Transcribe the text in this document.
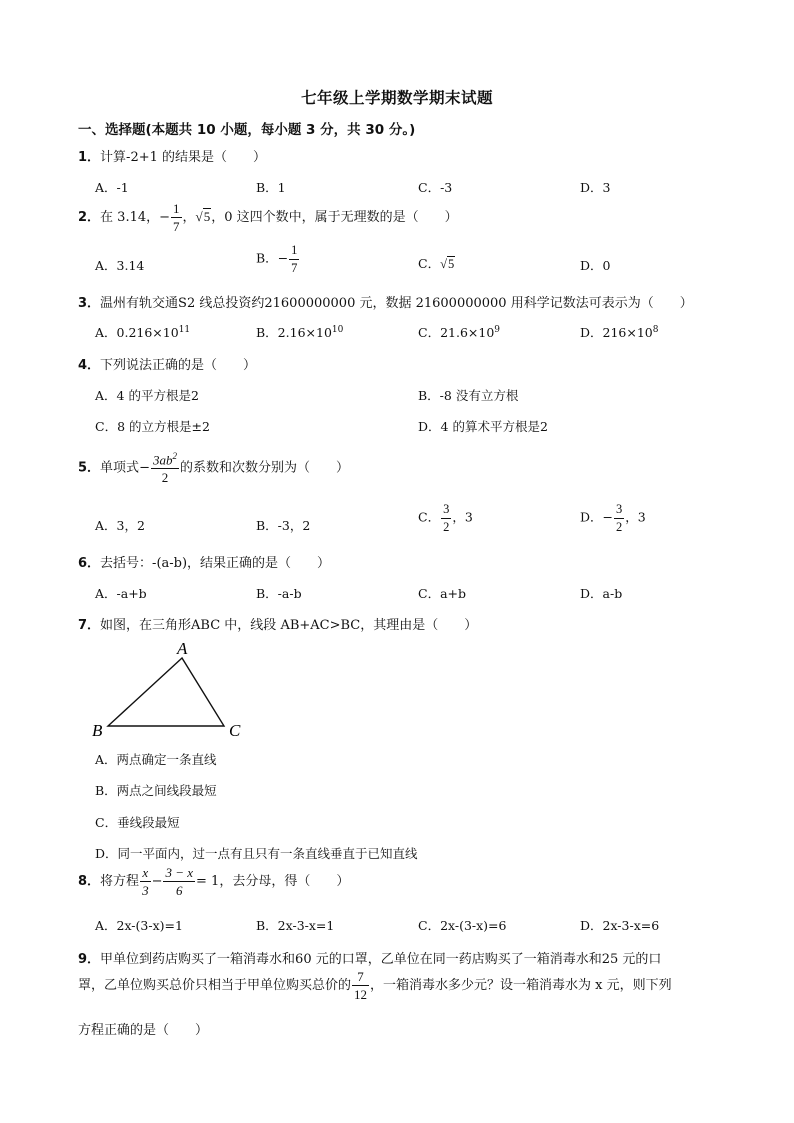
七年级上学期数学期末试题
一、选择题(本题共 10 小题，每小题 3 分，共 30 分。)
1．计算-2+1 的结果是（　　）
A．-1	B．1	C．-3	D．3
2．在 3.14，− $\frac{1}{7}$ ，√5，0 这四个数中，属于无理数的是（　　）
A．3.14	B．− $\frac{1}{7}$	C．√5	D．0
3．温州有轨交通S2 线总投资约21600000000 元，数据 21600000000 用科学记数法可表示为（　　）
A．$0.216\times 10^{11}$	B．$2.16\times 10^{10}$	C．$21.6\times 10^9$	D．$216\times 10^8$
4．下列说法正确的是（　　）
A．4 的平方根是2	B．-8 没有立方根
C．8 的立方根是±2	D．4 的算术平方根是2
5．单项式− $\frac{3ab^2}{2}$ 的系数和次数分别为（　　）
A．3，2	B．-3，2
C． $\frac{3}{2}$ ，3	D．− $\frac{3}{2}$ ，3
6．去括号：-(a-b)，结果正确的是（　　）
A．-a+b	B．-a-b	C．a+b	D．a-b
7．如图，在三角形ABC 中，线段 AB+AC>BC，其理由是（　　）
A
B	C
A．两点确定一条直线
B．两点之间线段最短
C．垂线段最短
D．同一平面内，过一点有且只有一条直线垂直于已知直线
8．将方程 $\frac{x}{3} - \frac{3 - x}{6} = 1$，去分母，得（　　）
A．2x-(3-x)=1	B．2x-3-x=1	C．2x-(3-x)=6	D．2x-3-x=6
9．甲单位到药店购买了一箱消毒水和60 元的口罩，乙单位在同一药店购买了一箱消毒水和25 元的口
罩，乙单位购买总价只相当于甲单位购买总价的 $\frac{7}{12}$ ，一箱消毒水多少元？设一箱消毒水为 x 元，则下列
方程正确的是（　　）
